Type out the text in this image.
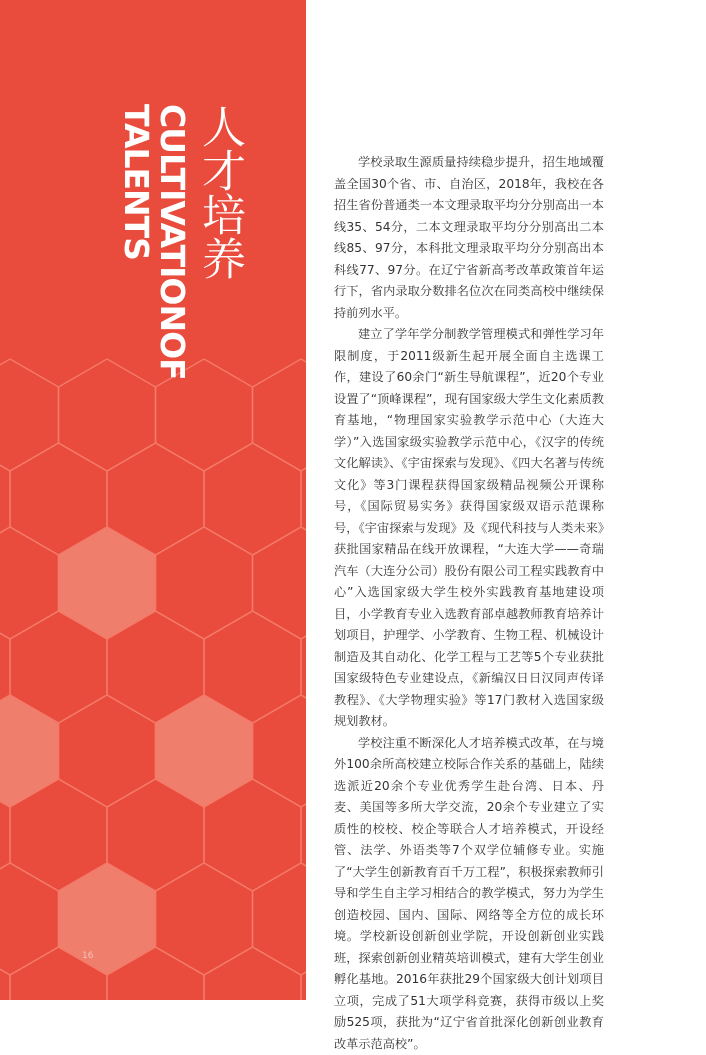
CULTIVATIONOF
TALENTS 人才培养
16

学校录取生源质量持续稳步提升，招生地域覆盖全国30个省、市、自治区，2018年，我校在各招生省份普通类一本文理录取平均分分别高出一本线35、54分，二本文理录取平均分分别高出二本线85、97分，本科批文理录取平均分分别高出本科线77、97分。在辽宁省新高考改革政策首年运行下，省内录取分数排名位次在同类高校中继续保持前列水平。

建立了学年学分制教学管理模式和弹性学习年限制度，于2011级新生起开展全面自主选课工作，建设了60余门“新生导航课程”，近20个专业设置了“顶峰课程”，现有国家级大学生文化素质教育基地，“物理国家实验教学示范中心（大连大学）”入选国家级实验教学示范中心，《汉字的传统文化解读》、《宇宙探索与发现》、《四大名著与传统文化》等3门课程获得国家级精品视频公开课称号，《国际贸易实务》获得国家级双语示范课称号，《宇宙探索与发现》及《现代科技与人类未来》获批国家精品在线开放课程，“大连大学——奇瑞汽车（大连分公司）股份有限公司工程实践教育中心”入选国家级大学生校外实践教育基地建设项目，小学教育专业入选教育部卓越教师教育培养计划项目，护理学、小学教育、生物工程、机械设计制造及其自动化、化学工程与工艺等5个专业获批国家级特色专业建设点，《新编汉日日汉同声传译教程》、《大学物理实验》等17门教材入选国家级规划教材。

学校注重不断深化人才培养模式改革，在与境外100余所高校建立校际合作关系的基础上，陆续选派近20余个专业优秀学生赴台湾、日本、丹麦、美国等多所大学交流，20余个专业建立了实质性的校校、校企等联合人才培养模式，开设经管、法学、外语类等7个双学位辅修专业。实施了“大学生创新教育百千万工程”，积极探索教师引导和学生自主学习相结合的教学模式，努力为学生创造校园、国内、国际、网络等全方位的成长环境。学校新设创新创业学院，开设创新创业实践班，探索创新创业精英培训模式，建有大学生创业孵化基地。2016年获批29个国家级大创计划项目立项，完成了51大项学科竞赛，获得市级以上奖励525项，获批为“辽宁省首批深化创新创业教育改革示范高校”。
